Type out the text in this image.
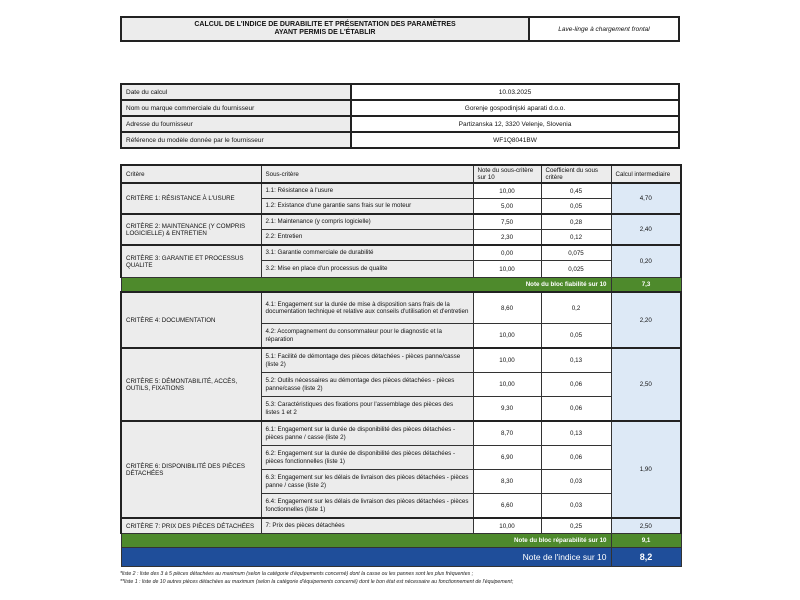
CALCUL DE L'INDICE DE DURABILITE ET PRÉSENTATION DES PARAMÈTRES
AYANT PERMIS DE L'ÉTABLIR	Lave-linge à chargement frontal
Date du calcul	10.03.2025
Nom ou marque commerciale du fournisseur	Gorenje gospodinjski aparati d.o.o.
Adresse du fournisseur	Partizanska 12, 3320 Velenje, Slovenia
Référence du modèle donnée par le fournisseur	WF1Q8041BW
Critère	Sous-critère	Note du sous-critère sur 10	Coefficient du sous critère	Calcul intermediaire
CRITÈRE 1: RÉSISTANCE À L'USURE	1.1: Résistance à l'usure	10,00	0,45	4,70
	1.2: Existance d'une garantie sans frais sur le moteur	5,00	0,05	
CRITÈRE 2: MAINTENANCE (Y COMPRIS LOGICIELLE) & ENTRETIEN	2.1: Maintenance (y compris logicielle)	7,50	0,28	2,40
	2.2: Entretien	2,30	0,12	
CRITÈRE 3: GARANTIE ET PROCESSUS QUALITE	3.1: Garantie commerciale de durabilité	0,00	0,075	0,20
	3.2: Mise en place d'un processus de qualite	10,00	0,025	
Note du bloc fiabilité sur 10				7,3
CRITÈRE 4: DOCUMENTATION	4.1: Engagement sur la durée de mise à disposition sans frais de la documentation technique et relative aux conseils d'utilisation et d'entretien	8,60	0,2	2,20
	4.2: Accompagnement du consommateur pour le diagnostic et la réparation	10,00	0,05	
CRITÈRE 5: DÉMONTABILITÉ, ACCÈS, OUTILS, FIXATIONS	5.1: Facilité de démontage des pièces détachées - pièces panne/casse (liste 2)	10,00	0,13	2,50
	5.2: Outils nécessaires au démontage des pièces détachées - pièces panne/casse (liste 2)	10,00	0,06	
	5.3: Caractéristiques des fixations pour l'assemblage des pièces des listes 1 et 2	9,30	0,06	
CRITÈRE 6: DISPONIBILITÉ DES PIÈCES DÉTACHÉES	6.1: Engagement sur la durée de disponibilité des pièces détachées - pièces panne / casse (liste 2)	8,70	0,13	1,90
	6.2: Engagement sur la durée de disponibilité des pièces détachées - pièces fonctionnelles (liste 1)	6,90	0,06	
	6.3: Engagement sur les délais de livraison des pièces détachées - pièces panne / casse (liste 2)	8,30	0,03	
	6.4: Engagement sur les délais de livraison des pièces détachées - pièces fonctionnelles (liste 1)	6,60	0,03	
CRITÈRE 7: PRIX DES PIÈCES DÉTACHÉES	7: Prix des pièces détachées	10,00	0,25	2,50
Note du bloc réparabilité sur 10				9,1
Note de l'indice sur 10				8,2
*liste 2 : liste des 3 à 5 pièces détachées au maximum (selon la catégorie d'équipements concerné) dont la casse ou les pannes sont les plus fréquentes ;
**liste 1 : liste de 10 autres pièces détachées au maximum (selon la catégorie d'équipements concerné) dont le bon état est nécessaire au fonctionnement de l'équipement;
